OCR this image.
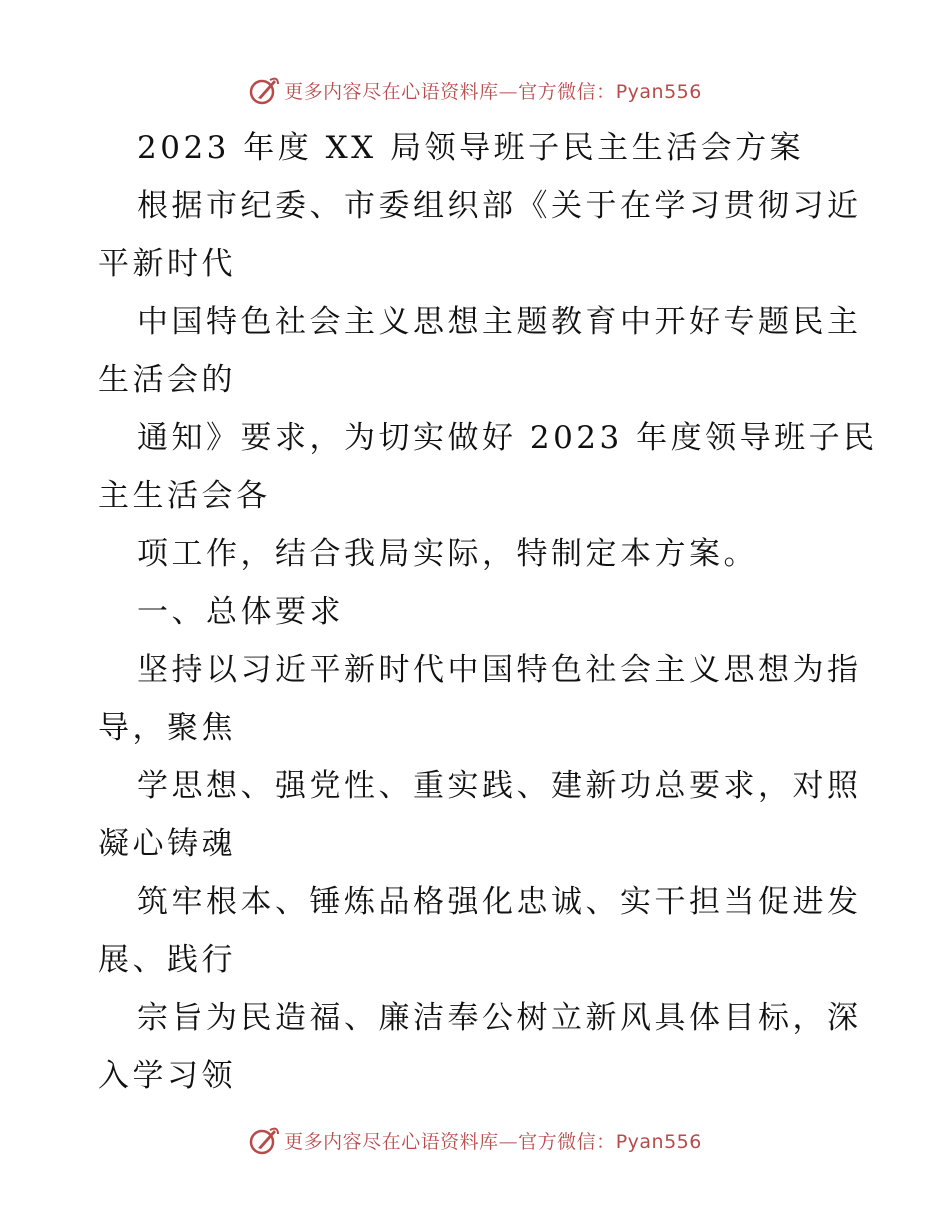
更多内容尽在心语资料库—官方微信：Pyan556
2023 年度 XX 局领导班子民主生活会方案
根据市纪委、市委组织部《关于在学习贯彻习近
平新时代
中国特色社会主义思想主题教育中开好专题民主
生活会的
通知》要求，为切实做好 2023 年度领导班子民
主生活会各
项工作，结合我局实际，特制定本方案。
一、总体要求
坚持以习近平新时代中国特色社会主义思想为指
导，聚焦
学思想、强党性、重实践、建新功总要求，对照
凝心铸魂
筑牢根本、锤炼品格强化忠诚、实干担当促进发
展、践行
宗旨为民造福、廉洁奉公树立新风具体目标，深
入学习领
更多内容尽在心语资料库—官方微信：Pyan556
